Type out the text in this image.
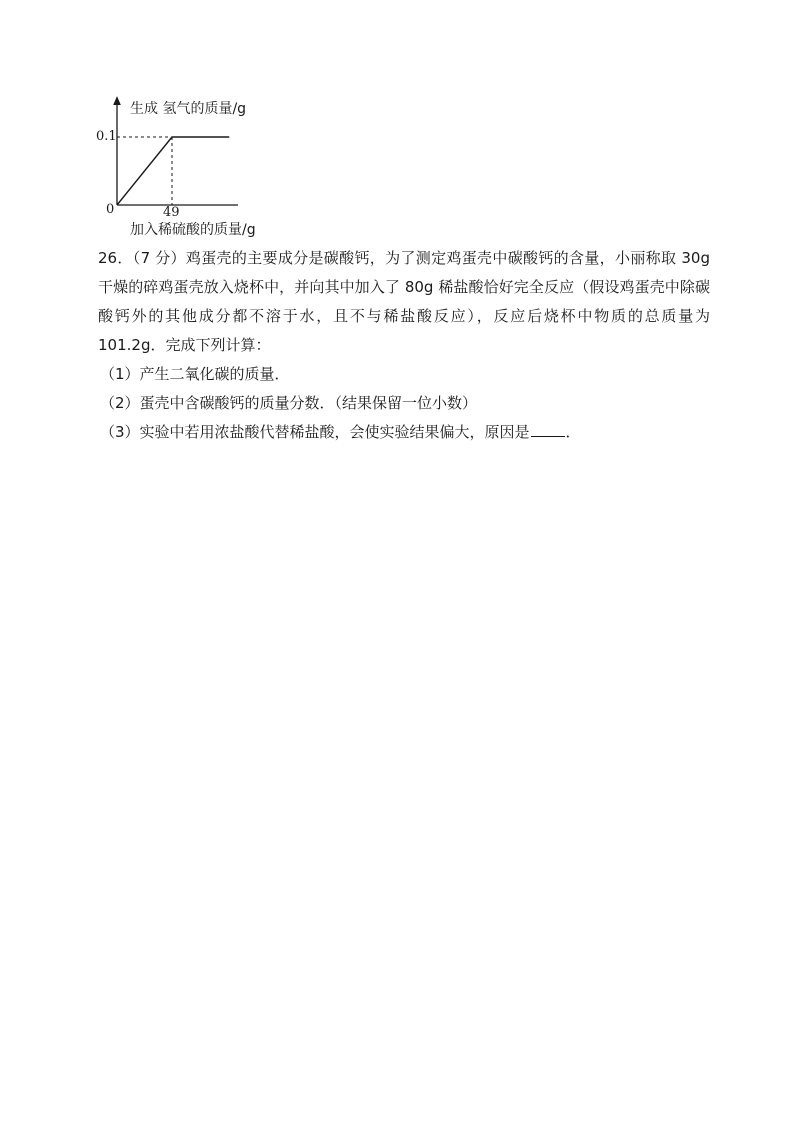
生成 氢气的质量/g
0.1
0	49
加入稀硫酸的质量/g

26．（7 分）鸡蛋壳的主要成分是碳酸钙，为了测定鸡蛋壳中碳酸钙的含量，小丽称取 30g 干燥的碎鸡蛋壳放入烧杯中，并向其中加入了 80g 稀盐酸恰好完全反应（假设鸡蛋壳中除碳酸钙外的其他成分都不溶于水，且不与稀盐酸反应），反应后烧杯中物质的总质量为 101.2g．完成下列计算：

（1）产生二氧化碳的质量．
（2）蛋壳中含碳酸钙的质量分数．（结果保留一位小数）
（3）实验中若用浓盐酸代替稀盐酸，会使实验结果偏大，原因是 ．
